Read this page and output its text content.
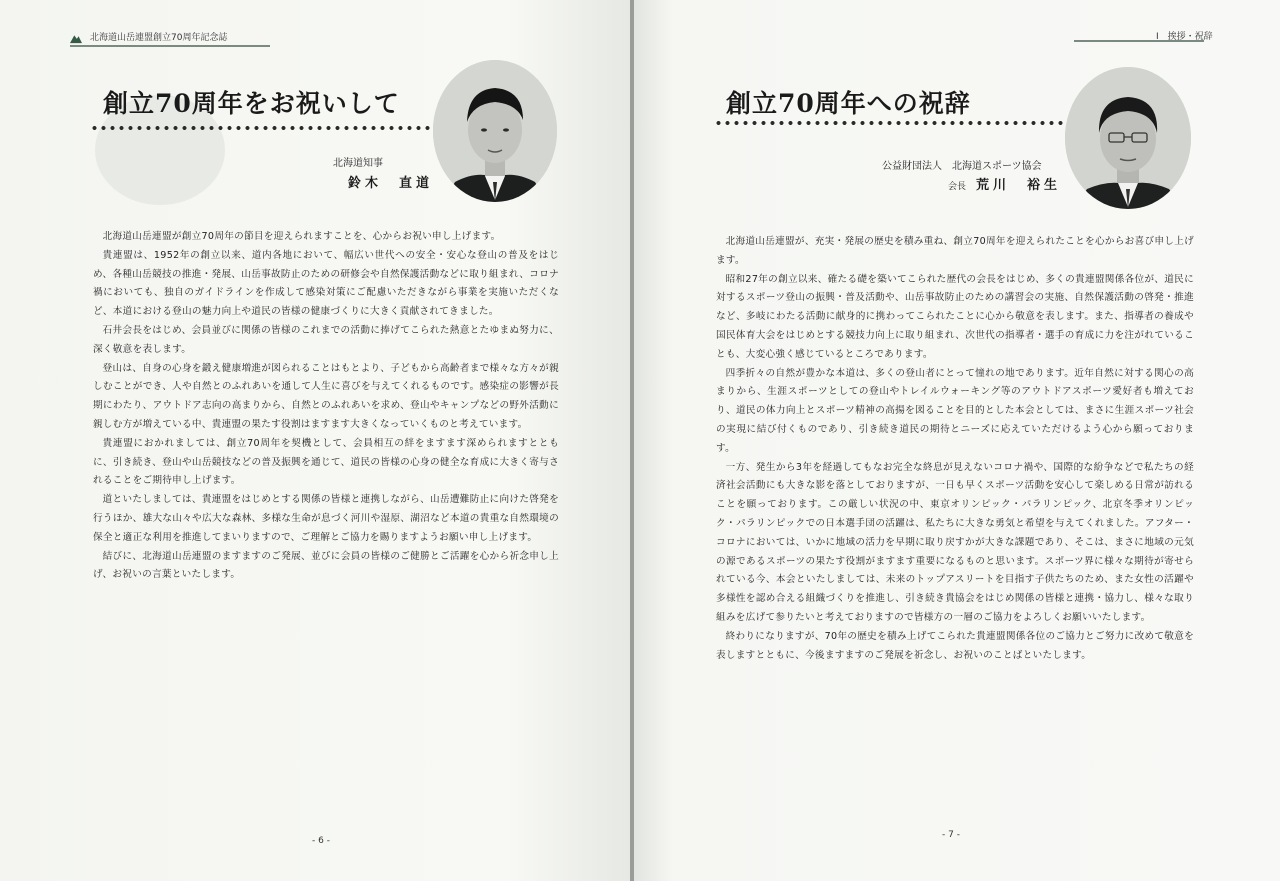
北海道山岳連盟創立70周年記念誌
創立70周年をお祝いして
北海道知事
鈴木　直道

北海道山岳連盟が創立70周年の節目を迎えられますことを、心からお祝い申し上げます。

貴連盟は、1952年の創立以来、道内各地において、幅広い世代への安全・安心な登山の普及をはじめ、各種山岳競技の推進・発展、山岳事故防止のための研修会や自然保護活動などに取り組まれ、コロナ禍においても、独自のガイドラインを作成して感染対策にご配慮いただきながら事業を実施いただくなど、本道における登山の魅力向上や道民の皆様の健康づくりに大きく貢献されてきました。

石井会長をはじめ、会員並びに関係の皆様のこれまでの活動に捧げてこられた熱意とたゆまぬ努力に、深く敬意を表します。

登山は、自身の心身を鍛え健康増進が図られることはもとより、子どもから高齢者まで様々な方々が親しむことができ、人や自然とのふれあいを通して人生に喜びを与えてくれるものです。感染症の影響が長期にわたり、アウトドア志向の高まりから、自然とのふれあいを求め、登山やキャンプなどの野外活動に親しむ方が増えている中、貴連盟の果たす役割はますます大きくなっていくものと考えています。

貴連盟におかれましては、創立70周年を契機として、会員相互の絆をますます深められますとともに、引き続き、登山や山岳競技などの普及振興を通じて、道民の皆様の心身の健全な育成に大きく寄与されることをご期待申し上げます。

道といたしましては、貴連盟をはじめとする関係の皆様と連携しながら、山岳遭難防止に向けた啓発を行うほか、雄大な山々や広大な森林、多様な生命が息づく河川や湿原、湖沼など本道の貴重な自然環境の保全と適正な利用を推進してまいりますので、ご理解とご協力を賜りますようお願い申し上げます。

結びに、北海道山岳連盟のますますのご発展、並びに会員の皆様のご健勝とご活躍を心から祈念申し上げ、お祝いの言葉といたします。

- 6 -
Ⅰ　挨拶・祝辞
創立70周年への祝辞
公益財団法人　北海道スポーツ協会
会長 荒川　裕生

北海道山岳連盟が、充実・発展の歴史を積み重ね、創立70周年を迎えられたことを心からお喜び申し上げます。

昭和27年の創立以来、確たる礎を築いてこられた歴代の会長をはじめ、多くの貴連盟関係各位が、道民に対するスポーツ登山の振興・普及活動や、山岳事故防止のための講習会の実施、自然保護活動の啓発・推進など、多岐にわたる活動に献身的に携わってこられたことに心から敬意を表します。また、指導者の養成や国民体育大会をはじめとする競技力向上に取り組まれ、次世代の指導者・選手の育成に力を注がれていることも、大変心強く感じているところであります。

四季折々の自然が豊かな本道は、多くの登山者にとって憧れの地であります。近年自然に対する関心の高まりから、生涯スポーツとしての登山やトレイルウォーキング等のアウトドアスポーツ愛好者も増えており、道民の体力向上とスポーツ精神の高揚を図ることを目的とした本会としては、まさに生涯スポーツ社会の実現に結び付くものであり、引き続き道民の期待とニーズに応えていただけるよう心から願っております。

一方、発生から3年を経過してもなお完全な終息が見えないコロナ禍や、国際的な紛争などで私たちの経済社会活動にも大きな影を落としておりますが、一日も早くスポーツ活動を安心して楽しめる日常が訪れることを願っております。この厳しい状況の中、東京オリンピック・パラリンピック、北京冬季オリンピック・パラリンピックでの日本選手団の活躍は、私たちに大きな勇気と希望を与えてくれました。アフター・コロナにおいては、いかに地域の活力を早期に取り戻すかが大きな課題であり、そこは、まさに地域の元気の源であるスポーツの果たす役割がますます重要になるものと思います。スポーツ界に様々な期待が寄せられている今、本会といたしましては、未来のトップアスリートを目指す子供たちのため、また女性の活躍や多様性を認め合える組織づくりを推進し、引き続き貴協会をはじめ関係の皆様と連携・協力し、様々な取り組みを広げて参りたいと考えておりますので皆様方の一層のご協力をよろしくお願いいたします。

終わりになりますが、70年の歴史を積み上げてこられた貴連盟関係各位のご協力とご努力に改めて敬意を表しますとともに、今後ますますのご発展を祈念し、お祝いのことばといたします。

- 7 -
